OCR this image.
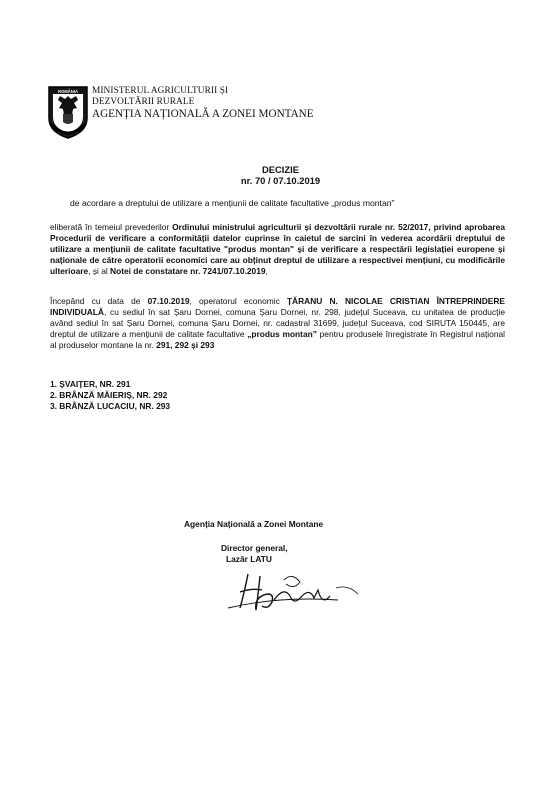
ROMÂNIA MINISTERUL AGRICULTURII ȘI
DEZVOLTĂRII RURALE
AGENȚIA NAȚIONALĂ A ZONEI MONTANE
DECIZIE
nr. 70 / 07.10.2019
de acordare a dreptului de utilizare a mențiunii de calitate facultative „produs montan”
eliberată în temeiul prevederilor Ordinului ministrului agriculturii și dezvoltării rurale nr. 52/2017, privind aprobarea Procedurii de verificare a conformității datelor cuprinse în caietul de sarcini în vederea acordării dreptului de utilizare a mențiunii de calitate facultative "produs montan" și de verificare a respectării legislației europene și naționale de către operatorii economici care au obținut dreptul de utilizare a respectivei mențiuni, cu modificările ulterioare, și al Notei de constatare nr. 7241/07.10.2019,
Începând cu data de 07.10.2019, operatorul economic ȚĂRANU N. NICOLAE CRISTIAN ÎNTREPRINDERE INDIVIDUALĂ, cu sediul în sat Șaru Dornei, comuna Șaru Dornei, nr. 298, județul Suceava, cu unitatea de producție având sediul în sat Șaru Dornei, comuna Șaru Dornei, nr. cadastral 31699, județul Suceava, cod SIRUTA 150445, are dreptul de utilizare a mențiunii de calitate facultative „produs montan” pentru produsele înregistrate în Registrul național al produselor montane la nr. 291, 292 și 293
1. ȘVAIȚER, NR. 291
2. BRÂNZĂ MĂIERIȘ, NR. 292
3. BRÂNZĂ LUCACIU, NR. 293
Agenția Națională a Zonei Montane
Director general,
Lazăr LATU
